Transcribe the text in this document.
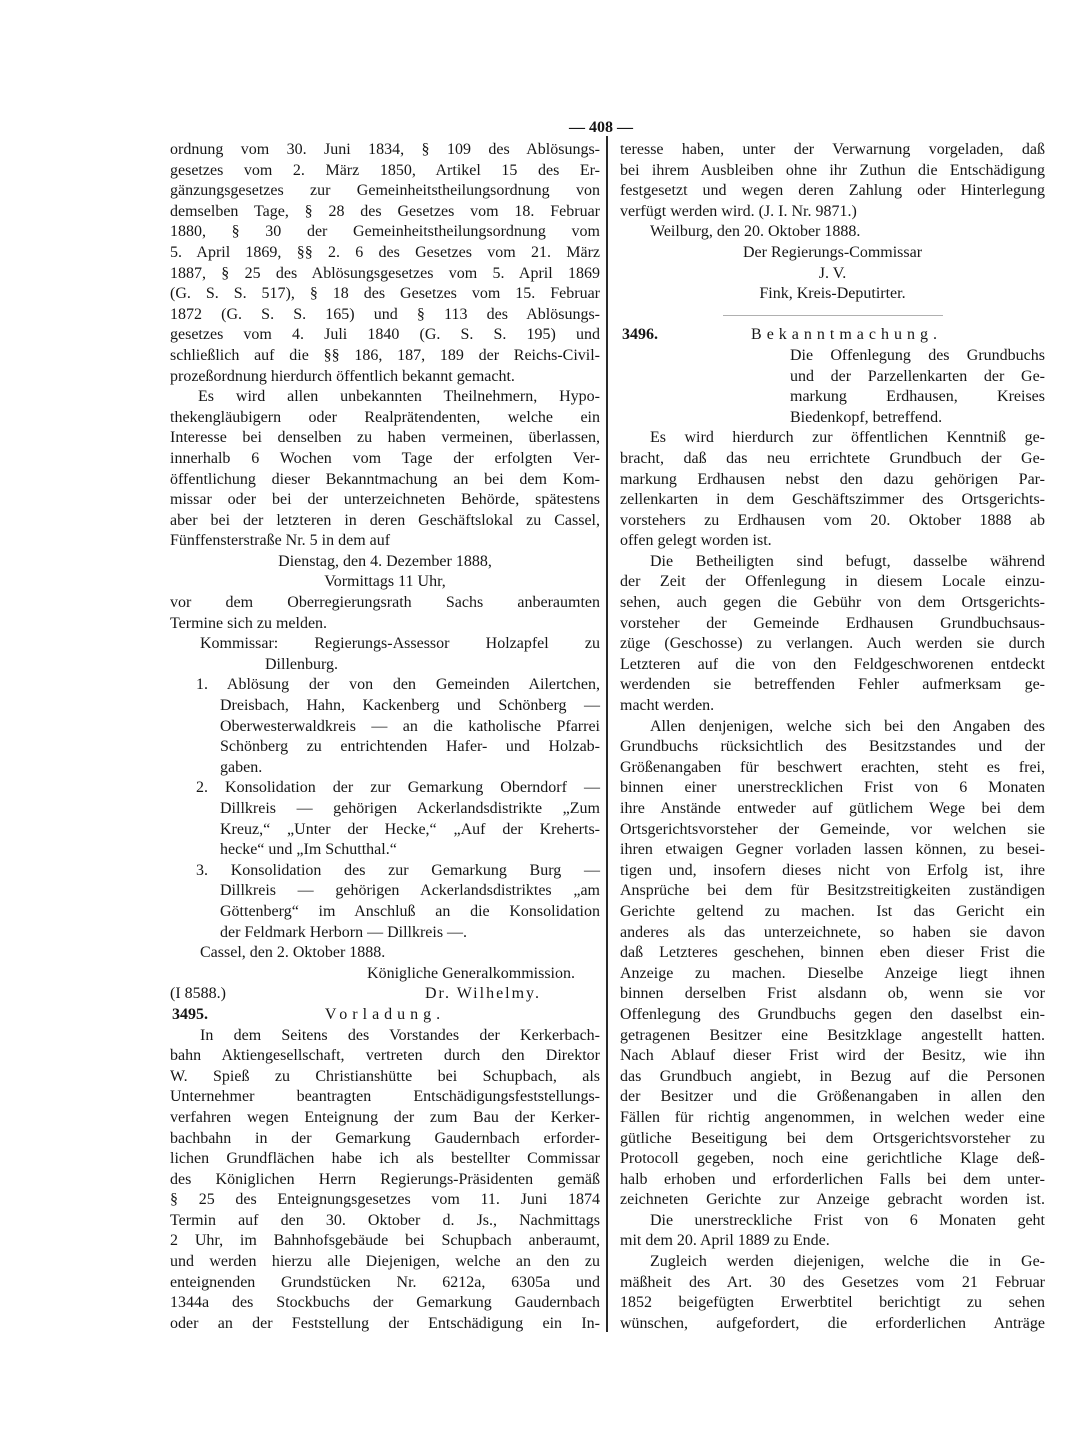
— 408 —
ordnung vom 30. Juni 1834, § 109 des Ablösungs-
gesetzes vom 2. März 1850, Artikel 15 des Er-
gänzungsgesetzes zur Gemeinheitstheilungsordnung von
demselben Tage, § 28 des Gesetzes vom 18. Februar
1880, § 30 der Gemeinheitstheilungsordnung vom
5. April 1869, §§ 2. 6 des Gesetzes vom 21. März
1887, § 25 des Ablösungsgesetzes vom 5. April 1869
(G. S. S. 517), § 18 des Gesetzes vom 15. Februar
1872 (G. S. S. 165) und § 113 des Ablösungs-
gesetzes vom 4. Juli 1840 (G. S. S. 195) und
schließlich auf die §§ 186, 187, 189 der Reichs-Civil-
prozeßordnung hierdurch öffentlich bekannt gemacht.
Es wird allen unbekannten Theilnehmern, Hypo-
thekengläubigern oder Realprätendenten, welche ein
Interesse bei denselben zu haben vermeinen, überlassen,
innerhalb 6 Wochen vom Tage der erfolgten Ver-
öffentlichung dieser Bekanntmachung an bei dem Kom-
missar oder bei der unterzeichneten Behörde, spätestens
aber bei der letzteren in deren Geschäftslokal zu Cassel,
Fünffensterstraße Nr. 5 in dem auf
Dienstag, den 4. Dezember 1888,
Vormittags 11 Uhr,
vor dem Oberregierungsrath Sachs anberaumten
Termine sich zu melden.
Kommissar: Regierungs-Assessor Holzapfel zu
Dillenburg.
1. Ablösung der von den Gemeinden Ailertchen,
Dreisbach, Hahn, Kackenberg und Schönberg —
Oberwesterwaldkreis — an die katholische Pfarrei
Schönberg zu entrichtenden Hafer- und Holzab-
gaben.
2. Konsolidation der zur Gemarkung Oberndorf —
Dillkreis — gehörigen Ackerlandsdistrikte „Zum
Kreuz,“ „Unter der Hecke,“ „Auf der Kreherts-
hecke“ und „Im Schutthal.“
3. Konsolidation des zur Gemarkung Burg —
Dillkreis — gehörigen Ackerlandsdistriktes „am
Göttenberg“ im Anschluß an die Konsolidation
der Feldmark Herborn — Dillkreis —.
Cassel, den 2. Oktober 1888.
Königliche Generalkommission.
(I 8588.)	Dr. Wilhelmy.
3495.	Vorladung.
In dem Seitens des Vorstandes der Kerkerbach-
bahn Aktiengesellschaft, vertreten durch den Direktor
W. Spieß zu Christianshütte bei Schupbach, als
Unternehmer beantragten Entschädigungsfeststellungs-
verfahren wegen Enteignung der zum Bau der Kerker-
bachbahn in der Gemarkung Gaudernbach erforder-
lichen Grundflächen habe ich als bestellter Commissar
des Königlichen Herrn Regierungs-Präsidenten gemäß
§ 25 des Enteignungsgesetzes vom 11. Juni 1874
Termin auf den 30. Oktober d. Js., Nachmittags
2 Uhr, im Bahnhofsgebäude bei Schupbach anberaumt,
und werden hierzu alle Diejenigen, welche an den zu
enteignenden Grundstücken Nr. 6212a, 6305a und
1344a des Stockbuchs der Gemarkung Gaudernbach
oder an der Feststellung der Entschädigung ein In-
teresse haben, unter der Verwarnung vorgeladen, daß
bei ihrem Ausbleiben ohne ihr Zuthun die Entschädigung
festgesetzt und wegen deren Zahlung oder Hinterlegung
verfügt werden wird. (J. I. Nr. 9871.)
Weilburg, den 20. Oktober 1888.
Der Regierungs-Commissar
J. V.
Fink, Kreis-Deputirter.
3496.	Bekanntmachung.
Die Offenlegung des Grundbuchs
und der Parzellenkarten der Ge-
markung Erdhausen, Kreises
Biedenkopf, betreffend.
Es wird hierdurch zur öffentlichen Kenntniß ge-
bracht, daß das neu errichtete Grundbuch der Ge-
markung Erdhausen nebst den dazu gehörigen Par-
zellenkarten in dem Geschäftszimmer des Ortsgerichts-
vorstehers zu Erdhausen vom 20. Oktober 1888 ab
offen gelegt worden ist.
Die Betheiligten sind befugt, dasselbe während
der Zeit der Offenlegung in diesem Locale einzu-
sehen, auch gegen die Gebühr von dem Ortsgerichts-
vorsteher der Gemeinde Erdhausen Grundbuchsaus-
züge (Geschosse) zu verlangen. Auch werden sie durch
Letzteren auf die von den Feldgeschworenen entdeckt
werdenden sie betreffenden Fehler aufmerksam ge-
macht werden.
Allen denjenigen, welche sich bei den Angaben des
Grundbuchs rücksichtlich des Besitzstandes und der
Größenangaben für beschwert erachten, steht es frei,
binnen einer unerstrecklichen Frist von 6 Monaten
ihre Anstände entweder auf gütlichem Wege bei dem
Ortsgerichtsvorsteher der Gemeinde, vor welchen sie
ihren etwaigen Gegner vorladen lassen können, zu besei-
tigen und, insofern dieses nicht von Erfolg ist, ihre
Ansprüche bei dem für Besitzstreitigkeiten zuständigen
Gerichte geltend zu machen. Ist das Gericht ein
anderes als das unterzeichnete, so haben sie davon
daß Letzteres geschehen, binnen eben dieser Frist die
Anzeige zu machen. Dieselbe Anzeige liegt ihnen
binnen derselben Frist alsdann ob, wenn sie vor
Offenlegung des Grundbuchs gegen den daselbst ein-
getragenen Besitzer eine Besitzklage angestellt hatten.
Nach Ablauf dieser Frist wird der Besitz, wie ihn
das Grundbuch angiebt, in Bezug auf die Personen
der Besitzer und die Größenangaben in allen den
Fällen für richtig angenommen, in welchen weder eine
gütliche Beseitigung bei dem Ortsgerichtsvorsteher zu
Protocoll gegeben, noch eine gerichtliche Klage deß-
halb erhoben und erforderlichen Falls bei dem unter-
zeichneten Gerichte zur Anzeige gebracht worden ist.
Die unerstreckliche Frist von 6 Monaten geht
mit dem 20. April 1889 zu Ende.
Zugleich werden diejenigen, welche die in Ge-
mäßheit des Art. 30 des Gesetzes vom 21 Februar
1852 beigefügten Erwerbtitel berichtigt zu sehen
wünschen, aufgefordert, die erforderlichen Anträge
